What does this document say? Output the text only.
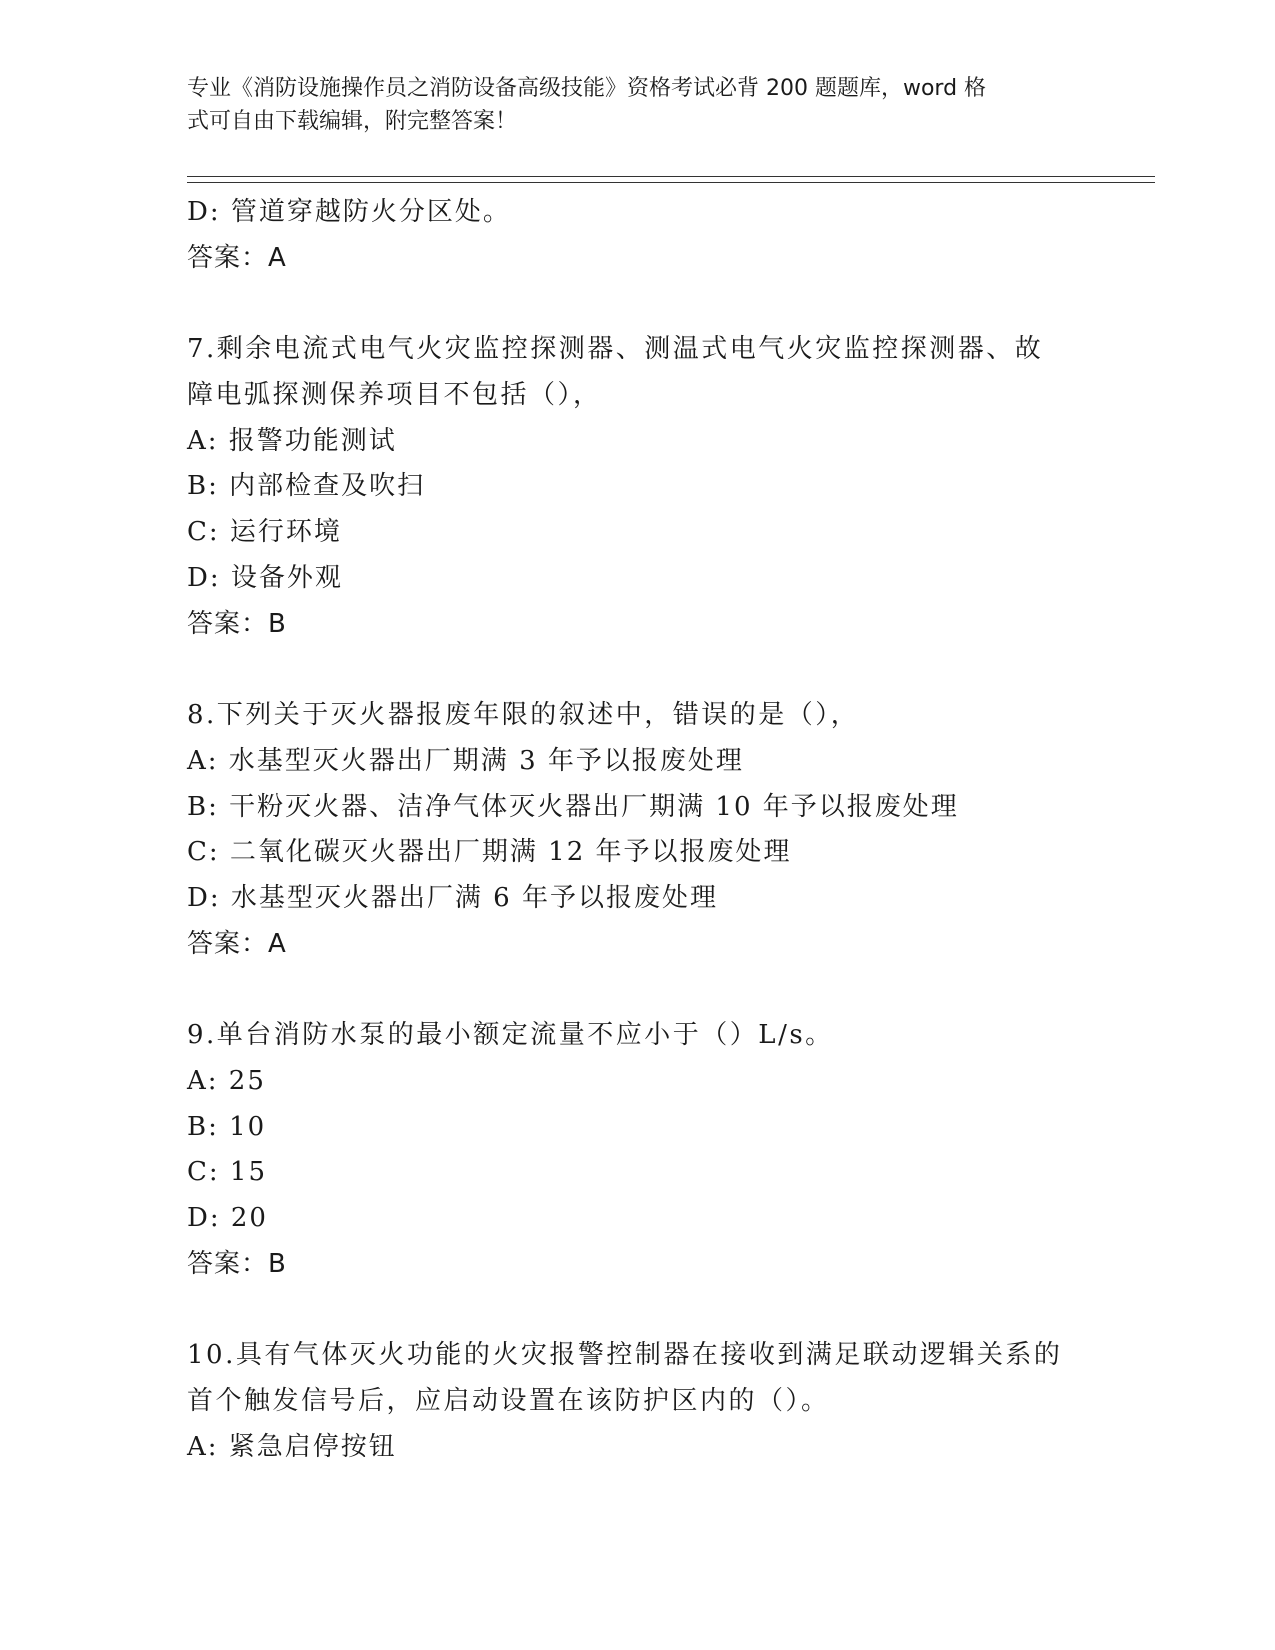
专业《消防设施操作员之消防设备高级技能》资格考试必背 200 题题库，word 格
式可自由下载编辑，附完整答案！
D: 管道穿越防火分区处。
答案：A
7.剩余电流式电气火灾监控探测器、测温式电气火灾监控探测器、故
障电弧探测保养项目不包括（），
A: 报警功能测试
B: 内部检查及吹扫
C: 运行环境
D: 设备外观
答案：B
8.下列关于灭火器报废年限的叙述中，错误的是（），
A: 水基型灭火器出厂期满 3 年予以报废处理
B: 干粉灭火器、洁净气体灭火器出厂期满 10 年予以报废处理
C: 二氧化碳灭火器出厂期满 12 年予以报废处理
D: 水基型灭火器出厂满 6 年予以报废处理
答案：A
9.单台消防水泵的最小额定流量不应小于（）L/s。
A: 25
B: 10
C: 15
D: 20
答案：B
10.具有气体灭火功能的火灾报警控制器在接收到满足联动逻辑关系的
首个触发信号后，应启动设置在该防护区内的（）。
A: 紧急启停按钮
